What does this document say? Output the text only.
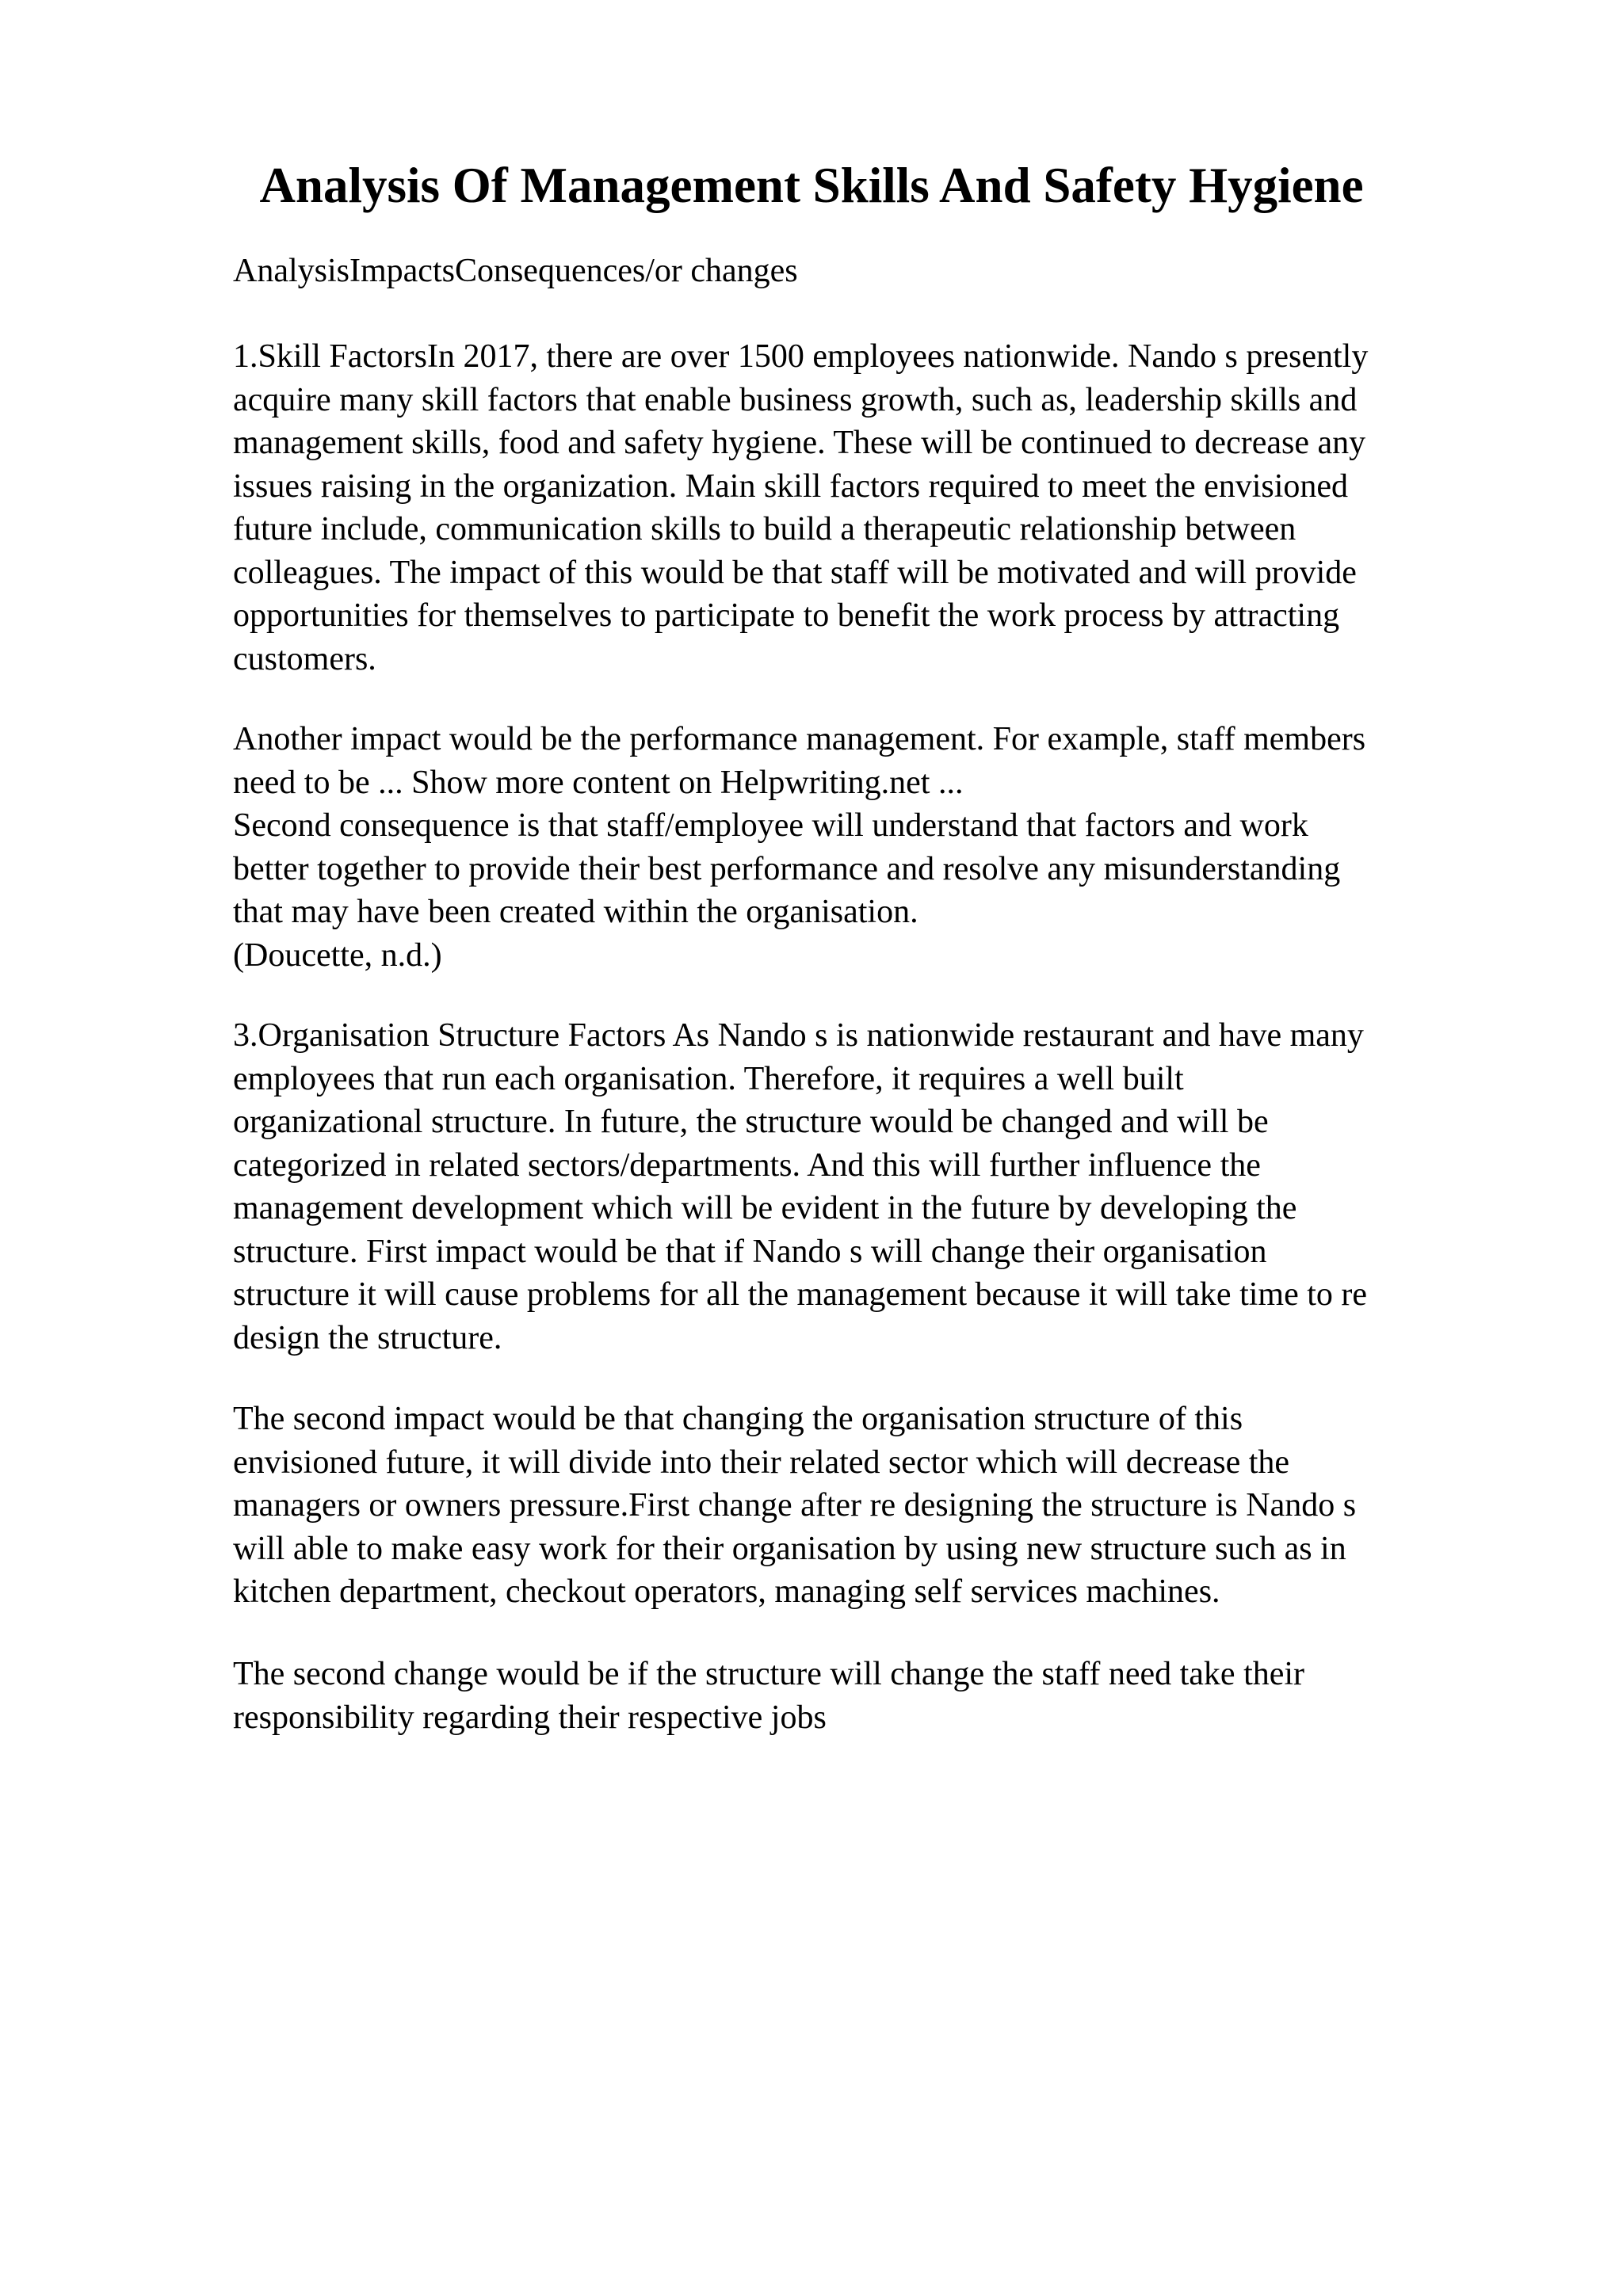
Analysis Of Management Skills And Safety Hygiene

AnalysisImpactsConsequences/or changes

1.Skill FactorsIn 2017, there are over 1500 employees nationwide. Nando s presently
acquire many skill factors that enable business growth, such as, leadership skills and
management skills, food and safety hygiene. These will be continued to decrease any
issues raising in the organization. Main skill factors required to meet the envisioned
future include, communication skills to build a therapeutic relationship between
colleagues. The impact of this would be that staff will be motivated and will provide
opportunities for themselves to participate to benefit the work process by attracting
customers.
Another impact would be the performance management. For example, staff members
need to be ... Show more content on Helpwriting.net ...
Second consequence is that staff/employee will understand that factors and work
better together to provide their best performance and resolve any misunderstanding
that may have been created within the organisation.
(Doucette, n.d.)
3.Organisation Structure Factors As Nando s is nationwide restaurant and have many
employees that run each organisation. Therefore, it requires a well built
organizational structure. In future, the structure would be changed and will be
categorized in related sectors/departments. And this will further influence the
management development which will be evident in the future by developing the
structure. First impact would be that if Nando s will change their organisation
structure it will cause problems for all the management because it will take time to re
design the structure.
The second impact would be that changing the organisation structure of this
envisioned future, it will divide into their related sector which will decrease the
managers or owners pressure.First change after re designing the structure is Nando s
will able to make easy work for their organisation by using new structure such as in
kitchen department, checkout operators, managing self services machines.
The second change would be if the structure will change the staff need take their
responsibility regarding their respective jobs
